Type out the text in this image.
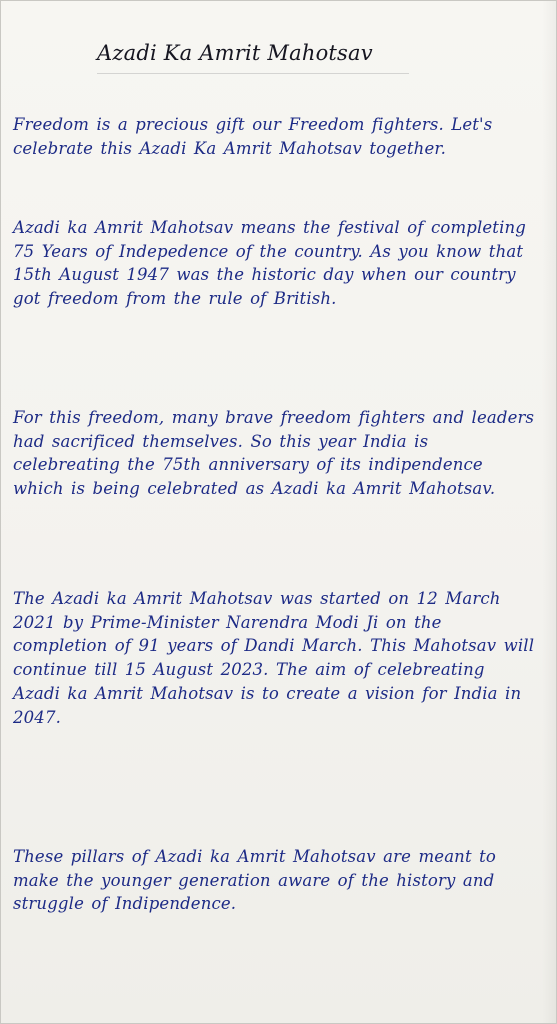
Azadi Ka Amrit Mahotsav

Freedom is a precious gift our Freedom fighters. Let's celebrate this Azadi Ka Amrit Mahotsav together.

Azadi ka Amrit Mahotsav means the festival of completing 75 Years of Indepedence of the country. As you know that 15th August 1947 was the historic day when our country got freedom from the rule of British.

For this freedom, many brave freedom fighters and leaders had sacrificed themselves. So this year India is celebreating the 75th anniversary of its indipendence which is being celebrated as Azadi ka Amrit Mahotsav.

The Azadi ka Amrit Mahotsav was started on 12 March 2021 by Prime-Minister Narendra Modi Ji on the completion of 91 years of Dandi March. This Mahotsav will continue till 15 August 2023. The aim of celebreating Azadi ka Amrit Mahotsav is to create a vision for India in 2047.

These pillars of Azadi ka Amrit Mahotsav are meant to make the younger generation aware of the history and struggle of Indipendence.
